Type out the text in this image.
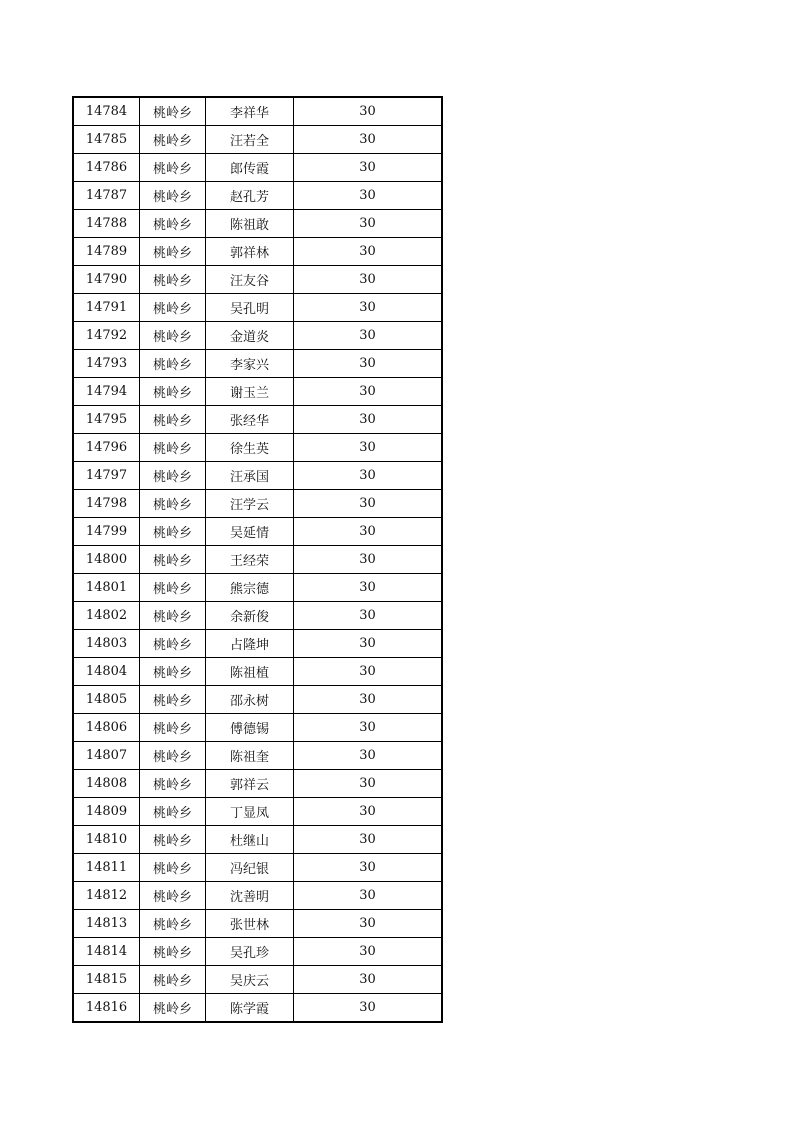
14784	桃岭乡	李祥华	30
14785	桃岭乡	汪若全	30
14786	桃岭乡	郎传霞	30
14787	桃岭乡	赵孔芳	30
14788	桃岭乡	陈祖敢	30
14789	桃岭乡	郭祥林	30
14790	桃岭乡	汪友谷	30
14791	桃岭乡	吴孔明	30
14792	桃岭乡	金道炎	30
14793	桃岭乡	李家兴	30
14794	桃岭乡	谢玉兰	30
14795	桃岭乡	张经华	30
14796	桃岭乡	徐生英	30
14797	桃岭乡	汪承国	30
14798	桃岭乡	汪学云	30
14799	桃岭乡	吴延情	30
14800	桃岭乡	王经荣	30
14801	桃岭乡	熊宗德	30
14802	桃岭乡	余新俊	30
14803	桃岭乡	占隆坤	30
14804	桃岭乡	陈祖植	30
14805	桃岭乡	邵永树	30
14806	桃岭乡	傅德锡	30
14807	桃岭乡	陈祖奎	30
14808	桃岭乡	郭祥云	30
14809	桃岭乡	丁显凤	30
14810	桃岭乡	杜继山	30
14811	桃岭乡	冯纪银	30
14812	桃岭乡	沈善明	30
14813	桃岭乡	张世林	30
14814	桃岭乡	吴孔珍	30
14815	桃岭乡	吴庆云	30
14816	桃岭乡	陈学霞	30
